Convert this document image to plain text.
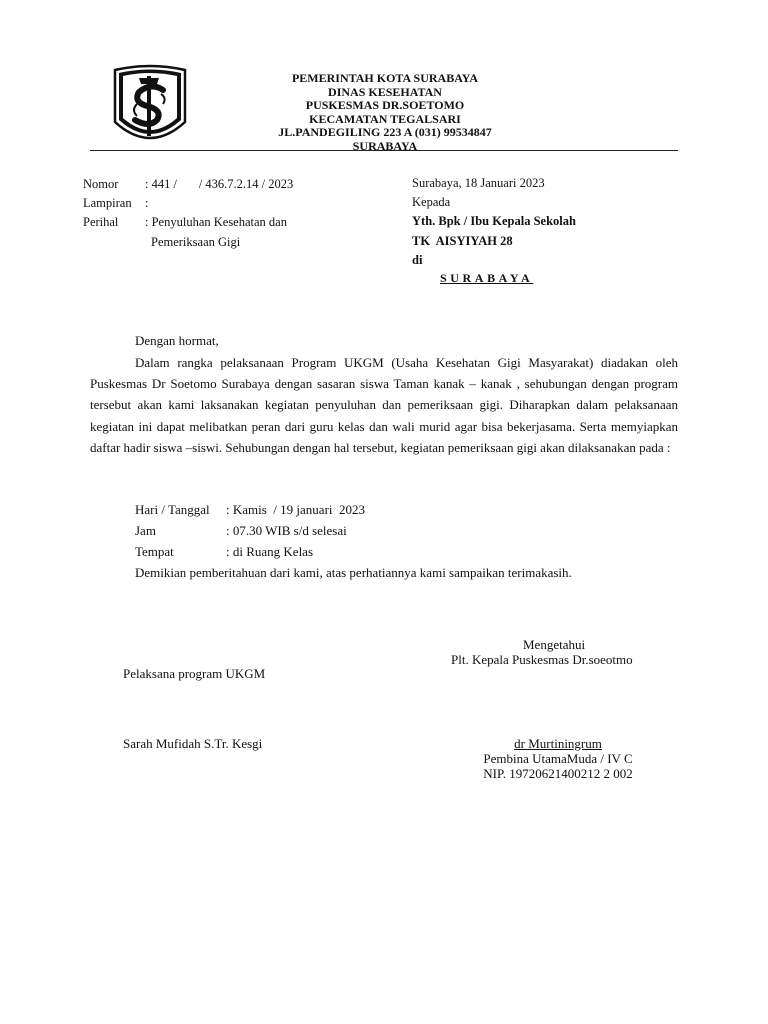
PEMERINTAH KOTA SURABAYA
DINAS KESEHATAN
PUSKESMAS DR.SOETOMO
KECAMATAN TEGALSARI
JL.PANDEGILING 223 A (031) 99534847
SURABAYA
Nomor : 441 /       / 436.7.2.14 / 2023
Lampiran :
Perihal : Penyuluhan Kesehatan dan
Pemeriksaan Gigi
Surabaya, 18 Januari 2023
Kepada
Yth. Bpk / Ibu Kepala Sekolah
TK  AISYIYAH 28
di
SURABAYA
Dengan hormat,

Dalam rangka pelaksanaan Program UKGM (Usaha Kesehatan Gigi Masyarakat) diadakan oleh Puskesmas Dr Soetomo Surabaya dengan sasaran siswa Taman kanak – kanak , sehubungan dengan program tersebut akan kami laksanakan kegiatan penyuluhan dan pemeriksaan gigi. Diharapkan dalam pelaksanaan kegiatan ini dapat melibatkan peran dari guru kelas dan wali murid agar bisa bekerjasama. Serta memyiapkan daftar hadir siswa –siswi. Sehubungan dengan hal tersebut, kegiatan pemeriksaan gigi akan dilaksanakan pada :

Hari / Tanggal : Kamis  / 19 januari  2023
Jam	: 07.30 WIB s/d selesai
Tempat	: di Ruang Kelas
Demikian pemberitahuan dari kami, atas perhatiannya kami sampaikan terimakasih.
Mengetahui
Plt. Kepala Puskesmas Dr.soeotmo
Pelaksana program UKGM
Sarah Mufidah S.Tr. Kesgi	dr Murtiningrum
Pembina UtamaMuda / IV C
NIP. 19720621400212 2 002
